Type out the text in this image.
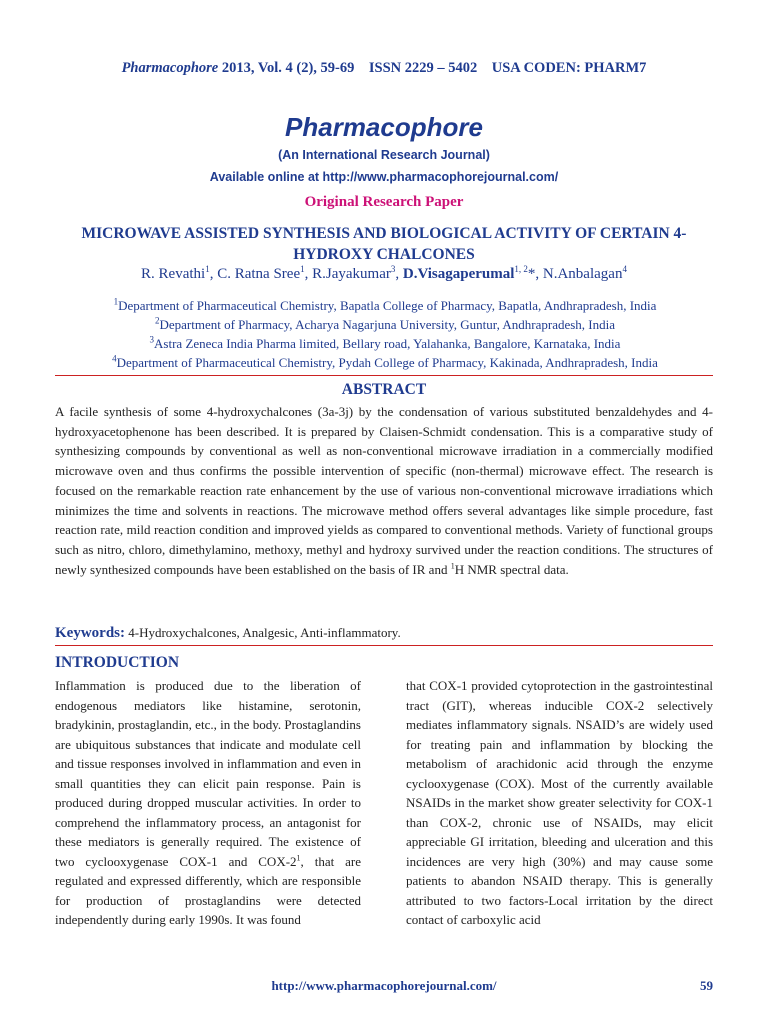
Pharmacophore 2013, Vol. 4 (2), 59-69    ISSN 2229 – 5402    USA CODEN: PHARM7
Pharmacophore
(An International Research Journal)
Available online at http://www.pharmacophorejournal.com/
Original Research Paper
MICROWAVE ASSISTED SYNTHESIS AND BIOLOGICAL ACTIVITY OF CERTAIN 4-HYDROXY CHALCONES
R. Revathi$^1$, C. Ratna Sree$^1$, R.Jayakumar$^3$, D.Visagaperumal$^{1, 2}$*, N.Anbalagan$^4$
$^1$Department of Pharmaceutical Chemistry, Bapatla College of Pharmacy, Bapatla, Andhrapradesh, India
$^2$Department of Pharmacy, Acharya Nagarjuna University, Guntur, Andhrapradesh, India
$^3$Astra Zeneca India Pharma limited, Bellary road, Yalahanka, Bangalore, Karnataka, India
$^4$Department of Pharmaceutical Chemistry, Pydah College of Pharmacy, Kakinada, Andhrapradesh, India
ABSTRACT
A facile synthesis of some 4-hydroxychalcones (3a-3j) by the condensation of various substituted benzaldehydes and 4-hydroxyacetophenone has been described. It is prepared by Claisen-Schmidt condensation. This is a comparative study of synthesizing compounds by conventional as well as non-conventional microwave irradiation in a commercially modified microwave oven and thus confirms the possible intervention of specific (non-thermal) microwave effect. The research is focused on the remarkable reaction rate enhancement by the use of various non-conventional microwave irradiations which minimizes the time and solvents in reactions. The microwave method offers several advantages like simple procedure, fast reaction rate, mild reaction condition and improved yields as compared to conventional methods. Variety of functional groups such as nitro, chloro, dimethylamino, methoxy, methyl and hydroxy survived under the reaction conditions. The structures of newly synthesized compounds have been established on the basis of IR and $^1$H NMR spectral data.
Keywords: 4-Hydroxychalcones, Analgesic, Anti-inflammatory.
INTRODUCTION
Inflammation is produced due to the liberation of endogenous mediators like histamine, serotonin, bradykinin, prostaglandin, etc., in the body. Prostaglandins are ubiquitous substances that indicate and modulate cell and tissue responses involved in inflammation and even in small quantities they can elicit pain response. Pain is produced during dropped muscular activities. In order to comprehend the inflammatory process, an antagonist for these mediators is generally required. The existence of two cyclooxygenase COX-1 and COX-$2^1$, that are regulated and expressed differently, which are responsible for production of prostaglandins were detected independently during early 1990s. It was found
that COX-1 provided cytoprotection in the gastrointestinal tract (GIT), whereas inducible COX-2 selectively mediates inflammatory signals. NSAID’s are widely used for treating pain and inflammation by blocking the metabolism of arachidonic acid through the enzyme cyclooxygenase (COX). Most of the currently available NSAIDs in the market show greater selectivity for COX-1 than COX-2, chronic use of NSAIDs, may elicit appreciable GI irritation, bleeding and ulceration and this incidences are very high (30%) and may cause some patients to abandon NSAID therapy. This is generally attributed to two factors-Local irritation by the direct contact of carboxylic acid
http://www.pharmacophorejournal.com/	59
